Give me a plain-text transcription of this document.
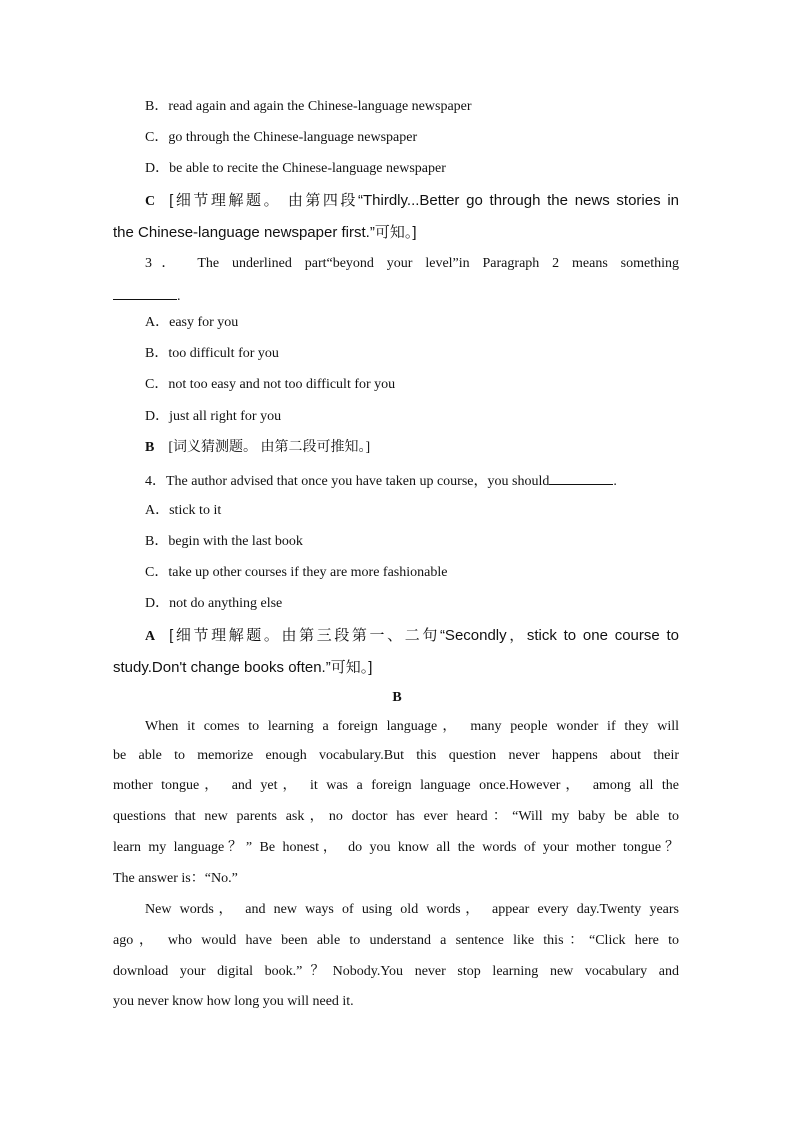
B．read again and again the Chinese-language newspaper
C．go through the Chinese-language newspaper
D．be able to recite the Chinese-language newspaper
C [细节理解题。 由第四段“Thirdly...Better go through the news stories in
the Chinese-language newspaper first.”可知。]
3． The underlined part“beyond your level”in Paragraph 2 means something
.
A．easy for you
B．too difficult for you
C．not too easy and not too difficult for you
D．just all right for you
B [词义猜测题。 由第二段可推知。]
4．The author advised that once you have taken up course，you should	.
A．stick to it
B．begin with the last book
C．take up other courses if they are more fashionable
D．not do anything else
A [细节理解题。由第三段第一、二句“Secondly，stick to one course to
study.Don't change books often.”可知。]
B
When it comes to learning a foreign language， many people wonder if they will
be able to memorize enough vocabulary.But this question never happens about their
mother tongue， and yet， it was a foreign language once.However， among all the
questions that new parents ask，no doctor has ever heard：“Will my baby be able to
learn my language？” Be honest， do you know all the words of your mother tongue？
The answer is：“No.”
New words， and new ways of using old words， appear every day.Twenty years
ago， who would have been able to understand a sentence like this：“Click here to
download your digital book.”？Nobody.You never stop learning new vocabulary and
you never know how long you will need it.
